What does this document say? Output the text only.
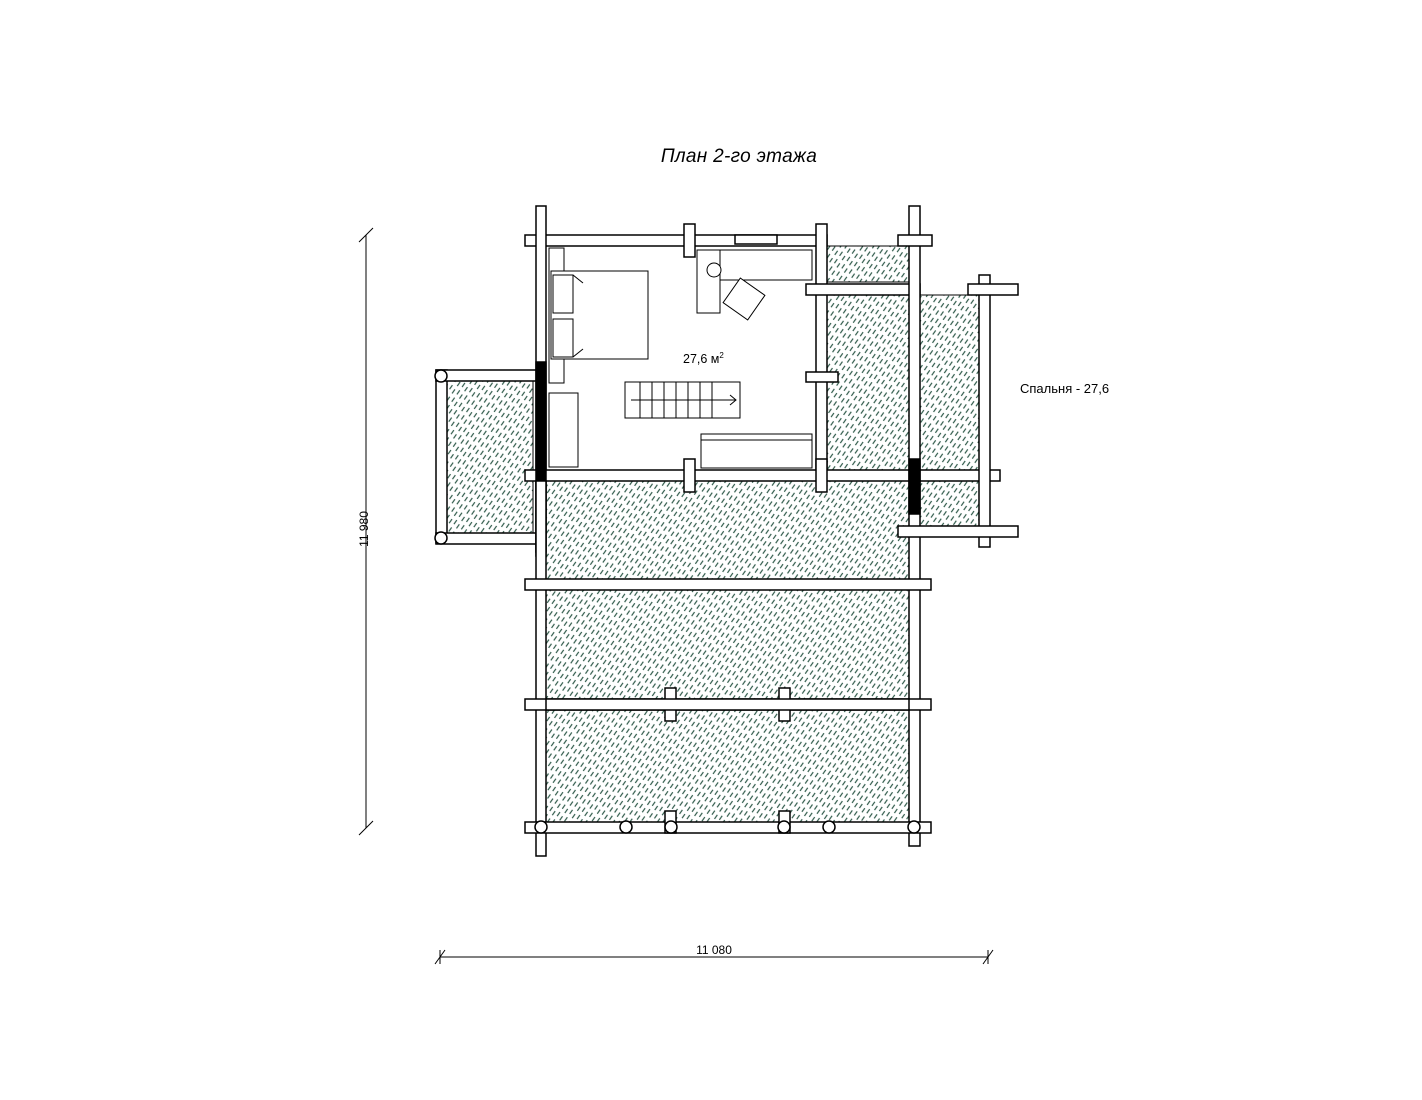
План 2-го этажа
11 080
11 980
27,6 $м^2$
Спальня - 27,6
